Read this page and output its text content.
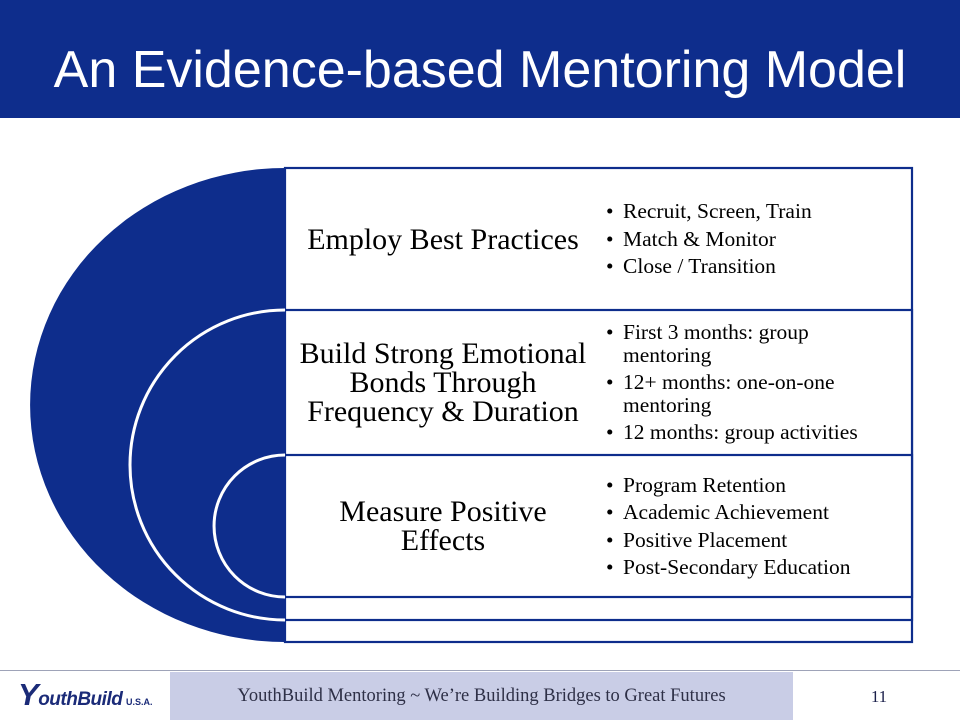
An Evidence-based Mentoring Model
Employ Best Practices
• Recruit, Screen, Train
• Match & Monitor
• Close / Transition
Build Strong Emotional Bonds Through Frequency & Duration
• First 3 months: group mentoring
• 12+ months: one-on-one mentoring
• 12 months: group activities
Measure Positive Effects
• Program Retention
• Academic Achievement
• Positive Placement
• Post-Secondary Education
YouthBuild U.S.A.	YouthBuild Mentoring ~ We’re Building Bridges to Great Futures	11
